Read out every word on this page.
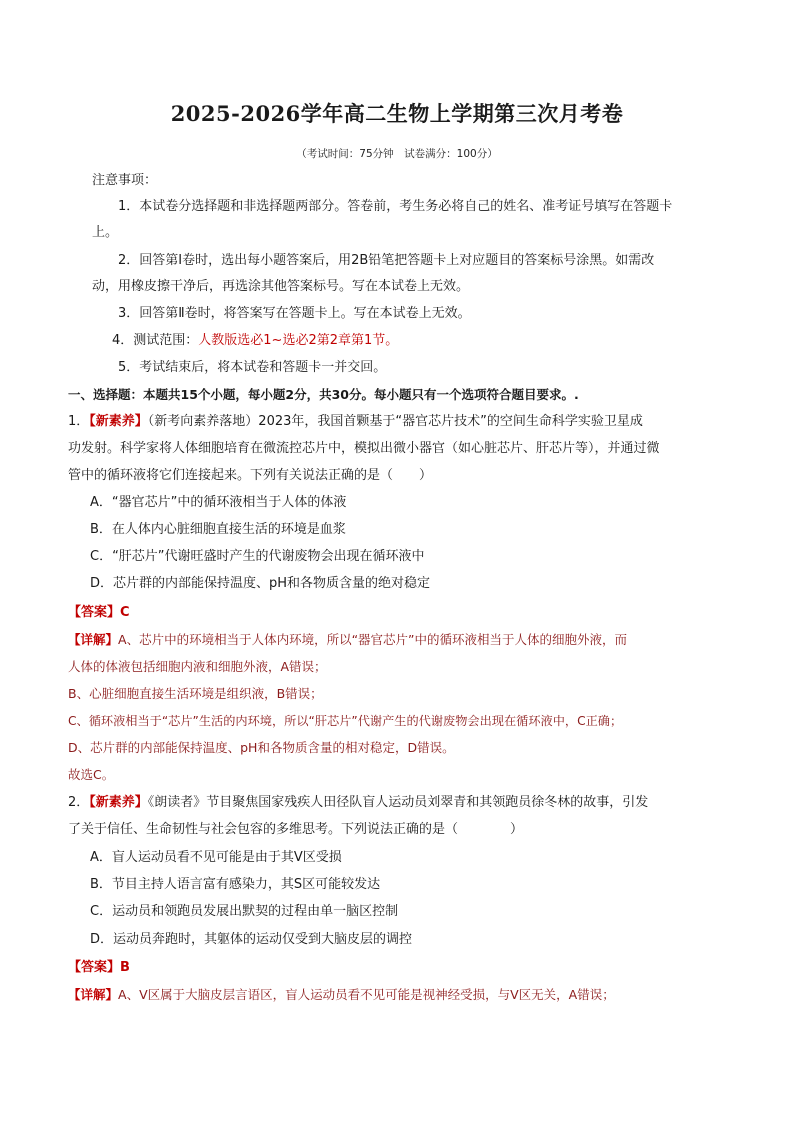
2025-2026学年高二生物上学期第三次月考卷
（考试时间：75分钟　试卷满分：100分）
注意事项：
1．本试卷分选择题和非选择题两部分。答卷前，考生务必将自己的姓名、准考证号填写在答题卡
上。
2．回答第Ⅰ卷时，选出每小题答案后，用2B铅笔把答题卡上对应题目的答案标号涂黑。如需改
动，用橡皮擦干净后，再选涂其他答案标号。写在本试卷上无效。
3．回答第Ⅱ卷时，将答案写在答题卡上。写在本试卷上无效。
4．测试范围：人教版选必1~选必2第2章第1节。
5．考试结束后，将本试卷和答题卡一并交回。
一、选择题：本题共15个小题，每小题2分，共30分。每小题只有一个选项符合题目要求。.
1．【新素养】（新考向素养落地）2023年，我国首颗基于“器官芯片技术”的空间生命科学实验卫星成
功发射。科学家将人体细胞培育在微流控芯片中，模拟出微小器官（如心脏芯片、肝芯片等），并通过微
管中的循环液将它们连接起来。下列有关说法正确的是（　　）
A．“器官芯片”中的循环液相当于人体的体液
B．在人体内心脏细胞直接生活的环境是血浆
C．“肝芯片”代谢旺盛时产生的代谢废物会出现在循环液中
D．芯片群的内部能保持温度、pH和各物质含量的绝对稳定
【答案】C
【详解】A、芯片中的环境相当于人体内环境，所以“器官芯片”中的循环液相当于人体的细胞外液，而
人体的体液包括细胞内液和细胞外液，A错误；
B、心脏细胞直接生活环境是组织液，B错误；
C、循环液相当于“芯片”生活的内环境，所以“肝芯片”代谢产生的代谢废物会出现在循环液中，C正确；
D、芯片群的内部能保持温度、pH和各物质含量的相对稳定，D错误。
故选C。
2．【新素养】《朗读者》节目聚焦国家残疾人田径队盲人运动员刘翠青和其领跑员徐冬林的故事，引发
了关于信任、生命韧性与社会包容的多维思考。下列说法正确的是（　　　　）
A．盲人运动员看不见可能是由于其V区受损
B．节目主持人语言富有感染力，其S区可能较发达
C．运动员和领跑员发展出默契的过程由单一脑区控制
D．运动员奔跑时，其躯体的运动仅受到大脑皮层的调控
【答案】B
【详解】A、V区属于大脑皮层言语区，盲人运动员看不见可能是视神经受损，与V区无关，A错误；
